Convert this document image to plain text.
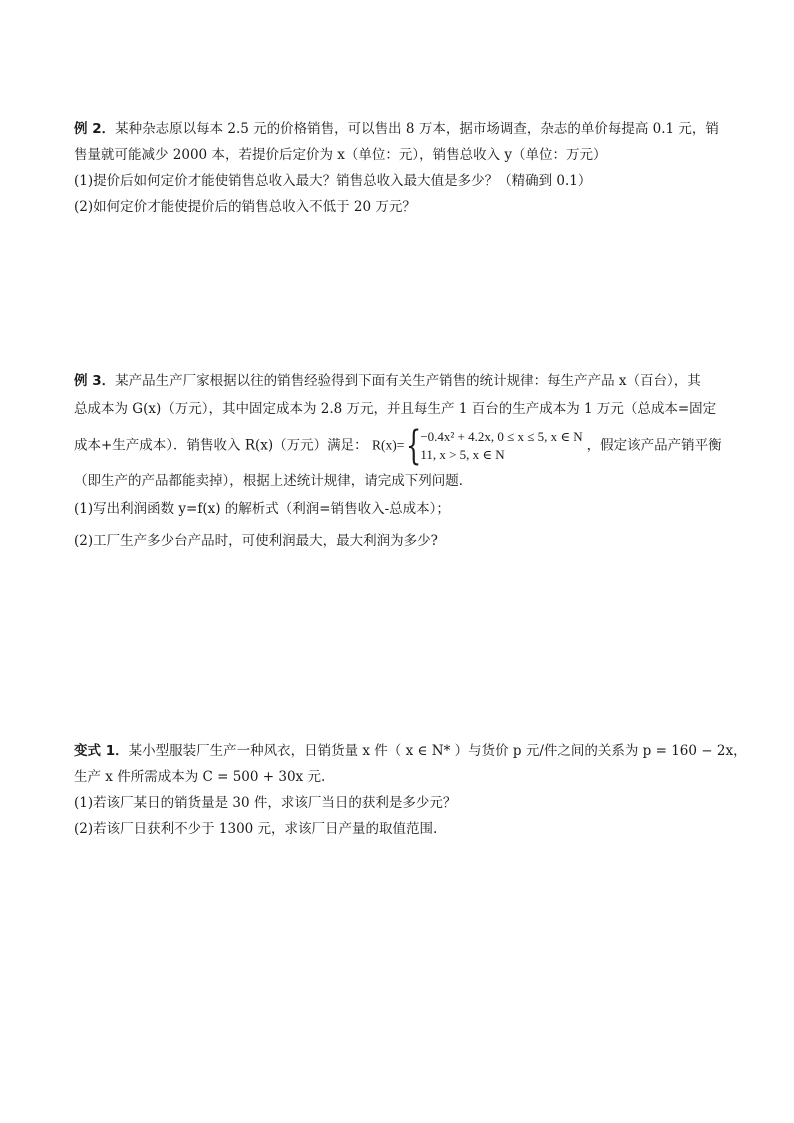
例 2．某种杂志原以每本 2.5 元的价格销售，可以售出 8 万本，据市场调查，杂志的单价每提高 0.1 元，销
售量就可能减少 2000 本，若提价后定价为 x（单位：元），销售总收入 y（单位：万元）
(1)提价后如何定价才能使销售总收入最大？销售总收入最大值是多少？（精确到 0.1）
(2)如何定价才能使提价后的销售总收入不低于 20 万元？
例 3．某产品生产厂家根据以往的销售经验得到下面有关生产销售的统计规律：每生产产品 x（百台），其
总成本为 G(x)（万元），其中固定成本为 2.8 万元，并且每生产 1 百台的生产成本为 1 万元（总成本=固定
成本+生产成本）．销售收入 R(x)（万元）满足： R(x)= {
−0.4x² + 4.2x, 0 ≤ x ≤ 5, x ∈ N
11, x > 5, x ∈ N
，假定该产品产销平衡
（即生产的产品都能卖掉），根据上述统计规律，请完成下列问题．
(1)写出利润函数 y=f(x) 的解析式（利润=销售收入-总成本）；
(2)工厂生产多少台产品时，可使利润最大，最大利润为多少?
变式 1．某小型服装厂生产一种风衣，日销货量 x 件（ x ∈ N* ）与货价 p 元/件之间的关系为 p = 160 − 2x，
生产 x 件所需成本为 C = 500 + 30x 元.
(1)若该厂某日的销货量是 30 件，求该厂当日的获利是多少元？
(2)若该厂日获利不少于 1300 元，求该厂日产量的取值范围.
